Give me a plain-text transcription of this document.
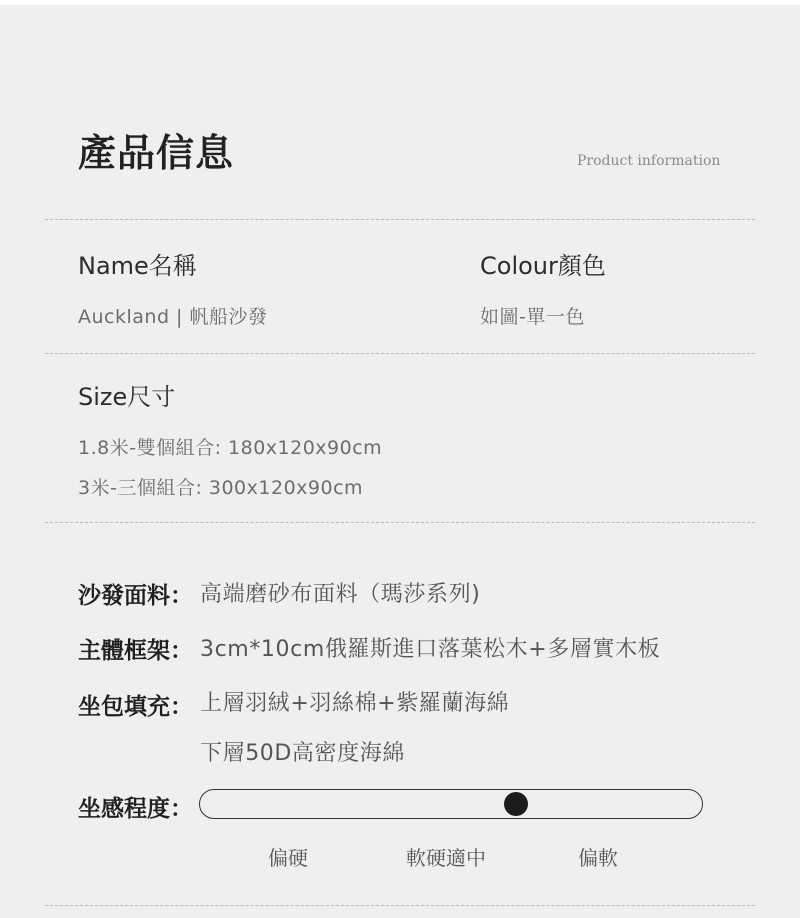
產品信息	Product information
Name名稱
Auckland | 帆船沙發
Colour顏色
如圖-單一色
Size尺寸
1.8米-雙個組合: 180x120x90cm
3米-三個組合: 300x120x90cm
沙發面料： 高端磨砂布面料（瑪莎系列)
主體框架： 3cm*10cm俄羅斯進口落葉松木+多層實木板
坐包填充： 上層羽絨+羽絲棉+紫羅蘭海綿
下層50D高密度海綿
坐感程度：
偏硬	軟硬適中	偏軟
